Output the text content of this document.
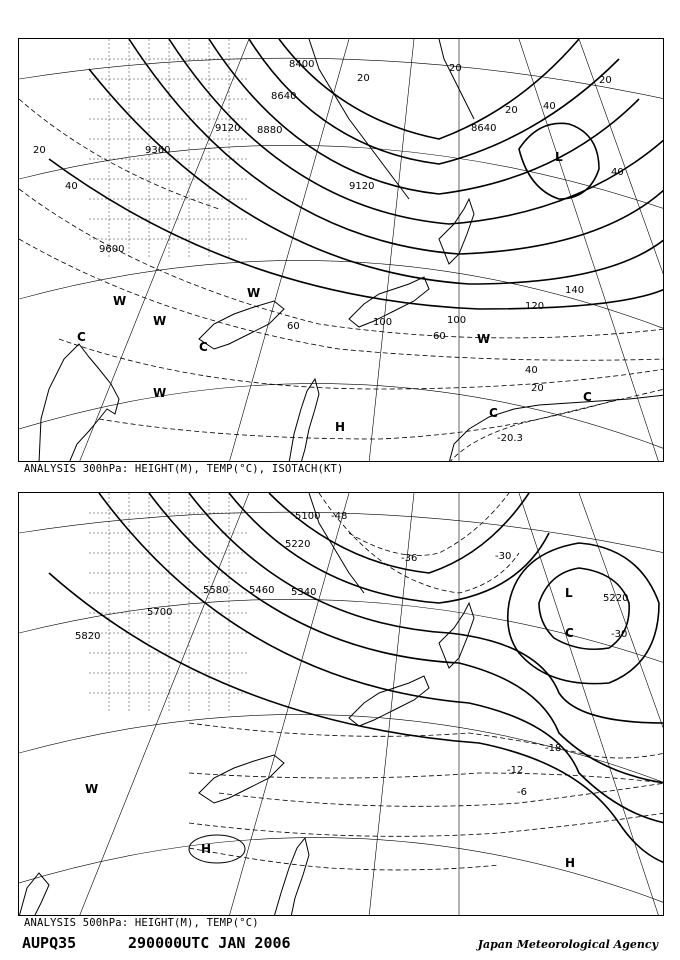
8400
8640
8880
9120
9360
9600
9120
8640
20
40
60
100
120
140
40
20
20
20
40
40
60	100
20
20
-20.3
L
H
C
C
C
C
W
W
W
W
W
ANALYSIS 300hPa: HEIGHT(M), TEMP(°C), ISOTACH(KT)
5820
5700
5580 5460 5340
5220
5100
5220
-36	-30
-18
-12
-6
-30
-48
L
C
H
H
W
ANALYSIS 500hPa: HEIGHT(M), TEMP(°C)
AUPQ35	290000UTC JAN 2006	Japan Meteorological Agency
